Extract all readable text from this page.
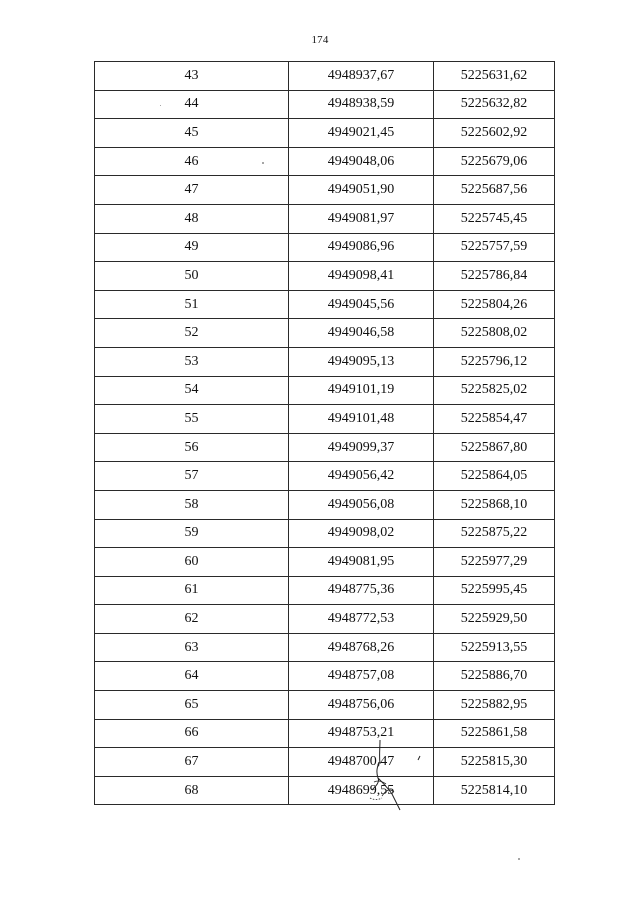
174
43	4948937,67	5225631,62
44	4948938,59	5225632,82
45	4949021,45	5225602,92
46	4949048,06	5225679,06
47	4949051,90	5225687,56
48	4949081,97	5225745,45
49	4949086,96	5225757,59
50	4949098,41	5225786,84
51	4949045,56	5225804,26
52	4949046,58	5225808,02
53	4949095,13	5225796,12
54	4949101,19	5225825,02
55	4949101,48	5225854,47
56	4949099,37	5225867,80
57	4949056,42	5225864,05
58	4949056,08	5225868,10
59	4949098,02	5225875,22
60	4949081,95	5225977,29
61	4948775,36	5225995,45
62	4948772,53	5225929,50
63	4948768,26	5225913,55
64	4948757,08	5225886,70
65	4948756,06	5225882,95
66	4948753,21	5225861,58
67	4948700,47	5225815,30
68	4948699,55	5225814,10
